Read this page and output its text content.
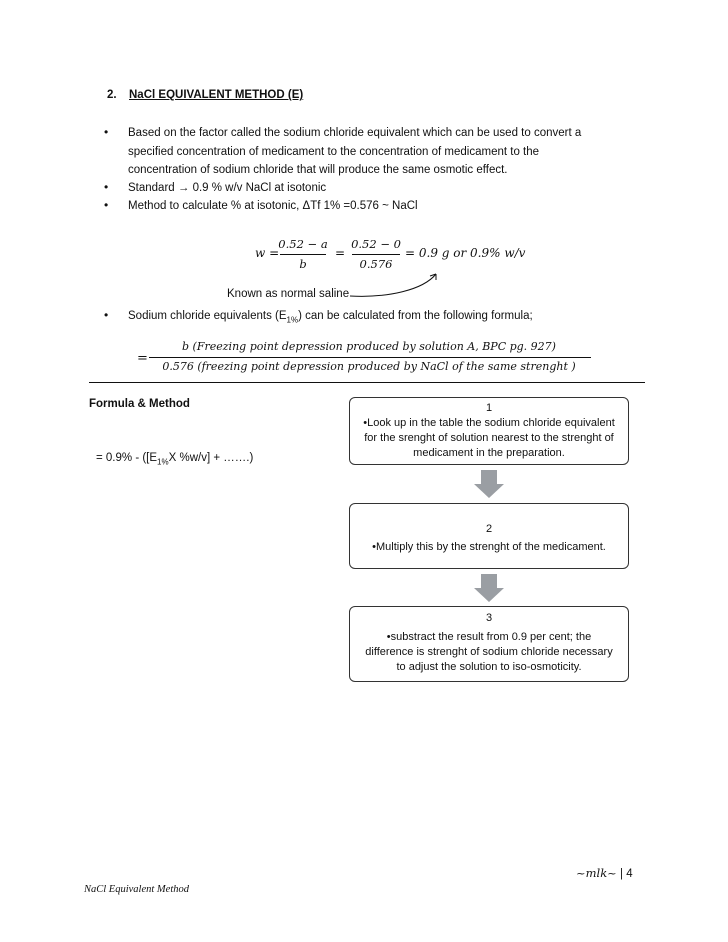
2. NaCl EQUIVALENT METHOD (E)
• Based on the factor called the sodium chloride equivalent which can be used to convert a specified concentration of medicament to the concentration of medicament to the concentration of sodium chloride that will produce the same osmotic effect.
• Standard → 0.9 % w/v NaCl at isotonic
• Method to calculate % at isotonic, ΔTf 1% =0.576 ~ NaCl
w =
0.52 − a
b
=
0.52 − 0
0.576
= 0.9 g or 0.9% w/v
Known as normal saline
• Sodium chloride equivalents $(E_{1\%})$ can be calculated from the following formula;
=
b (Freezing point depression produced by solution A, BPC pg. 927)
0.576 (freezing point depression produced by NaCl of the same strenght )
Formula & Method
= $0.9\% - ([E_{1\%}X$ %w/v] + …….)
1
•Look up in the table the sodium chloride equivalent for the srenght of solution nearest to the strenght of medicament in the preparation.
2
•Multiply this by the strenght of the medicament.
3
•substract the result from 0.9 per cent; the difference is strenght of sodium chloride necessary to adjust the solution to iso-osmoticity.
~mlk~ | 4
NaCl Equivalent Method
